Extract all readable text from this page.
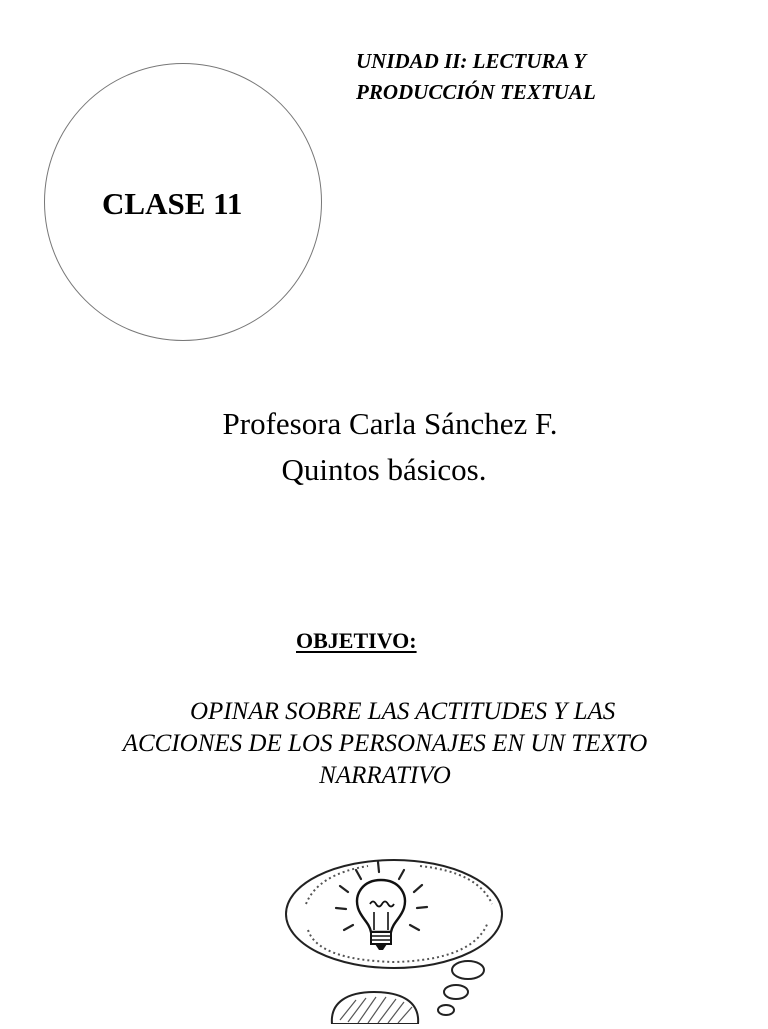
UNIDAD II: LECTURA Y
PRODUCCIÓN TEXTUAL
CLASE 11
Profesora Carla Sánchez F.
Quintos básicos.
OBJETIVO:
OPINAR SOBRE LAS ACTITUDES Y LAS
ACCIONES DE LOS PERSONAJES EN UN TEXTO
NARRATIVO
